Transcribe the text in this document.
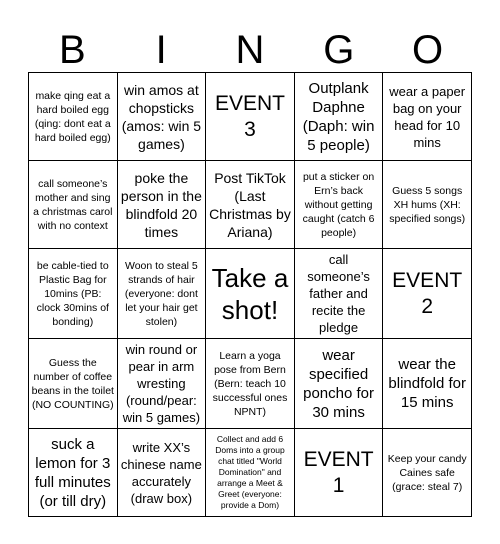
B	I	N	G	O
make qing eat a hard boiled egg (qing: dont eat a hard boiled egg)	win amos at chopsticks (amos: win 5 games)	EVENT 3	Outplank Daphne (Daph: win 5 people)	wear a paper bag on your head for 10 mins
call someone’s mother and sing a christmas carol with no context	poke the person in the blindfold 20 times	Post TikTok (Last Christmas by Ariana)	put a sticker on Ern’s back without getting caught (catch 6 people)	Guess 5 songs XH hums (XH: specified songs)
be cable-tied to Plastic Bag for 10mins (PB: clock 30mins of bonding)	Woon to steal 5 strands of hair (everyone: dont let your hair get stolen)	Take a shot!	call someone’s father and recite the pledge	EVENT 2
Guess the number of coffee beans in the toilet (NO COUNTING)	win round or pear in arm wresting (round/pear: win 5 games)	Learn a yoga pose from Bern (Bern: teach 10 successful ones NPNT)	wear specified poncho for 30 mins	wear the blindfold for 15 mins
suck a lemon for 3 full minutes (or till dry)	write XX’s chinese name accurately (draw box)	Collect and add 6 Doms into a group chat titled "World Domination" and arrange a Meet & Greet (everyone: provide a Dom)	EVENT 1	Keep your candy Caines safe (grace: steal 7)
